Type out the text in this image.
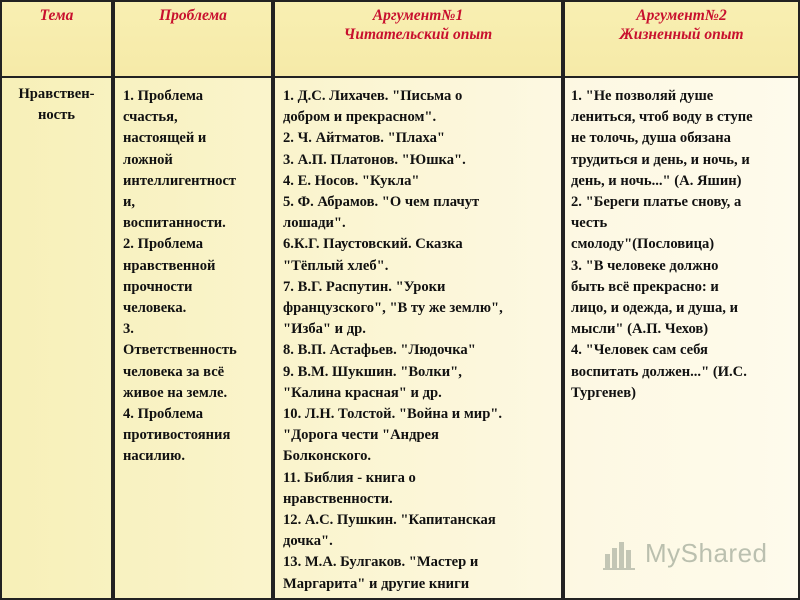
Тема	Проблема	Аргумент№1
Читательский опыт
Аргумент№2
Жизненный опыт
Нравствен-
ность
1. Проблема
счастья,
настоящей и
ложной
интеллигентност
и,
воспитанности.
2. Проблема
нравственной
прочности
человека.
3.
Ответственность
человека за всё
живое на земле.
4. Проблема
противостояния
насилию.
1. Д.С. Лихачев. "Письма о
добром и прекрасном".
2. Ч. Айтматов. "Плаха"
3. А.П. Платонов. "Юшка".
4. Е. Носов. "Кукла"
5. Ф. Абрамов. "О чем плачут
лошади".
6.К.Г. Паустовский. Сказка
"Тёплый хлеб".
7. В.Г. Распутин. "Уроки
французского", "В ту же землю",
"Изба" и др.
8. В.П. Астафьев. "Людочка"
9. В.М. Шукшин. "Волки",
"Калина красная" и др.
10. Л.Н. Толстой. "Война и мир".
"Дорога чести "Андрея
Болконского.
11. Библия - книга о
нравственности.
12. А.С. Пушкин. "Капитанская
дочка".
13. М.А. Булгаков. "Мастер и
Маргарита" и другие книги
1. "Не позволяй душе
лениться, чтоб воду в ступе
не толочь, душа обязана
трудиться и день, и ночь, и
день, и ночь..." (А. Яшин)
2. "Береги платье снову, а
честь
смолоду"(Пословица)
3. "В человеке должно
быть всё прекрасно: и
лицо, и одежда, и душа, и
мысли" (А.П. Чехов)
4. "Человек сам себя
воспитать должен..." (И.С.
Тургенев)
MyShared
